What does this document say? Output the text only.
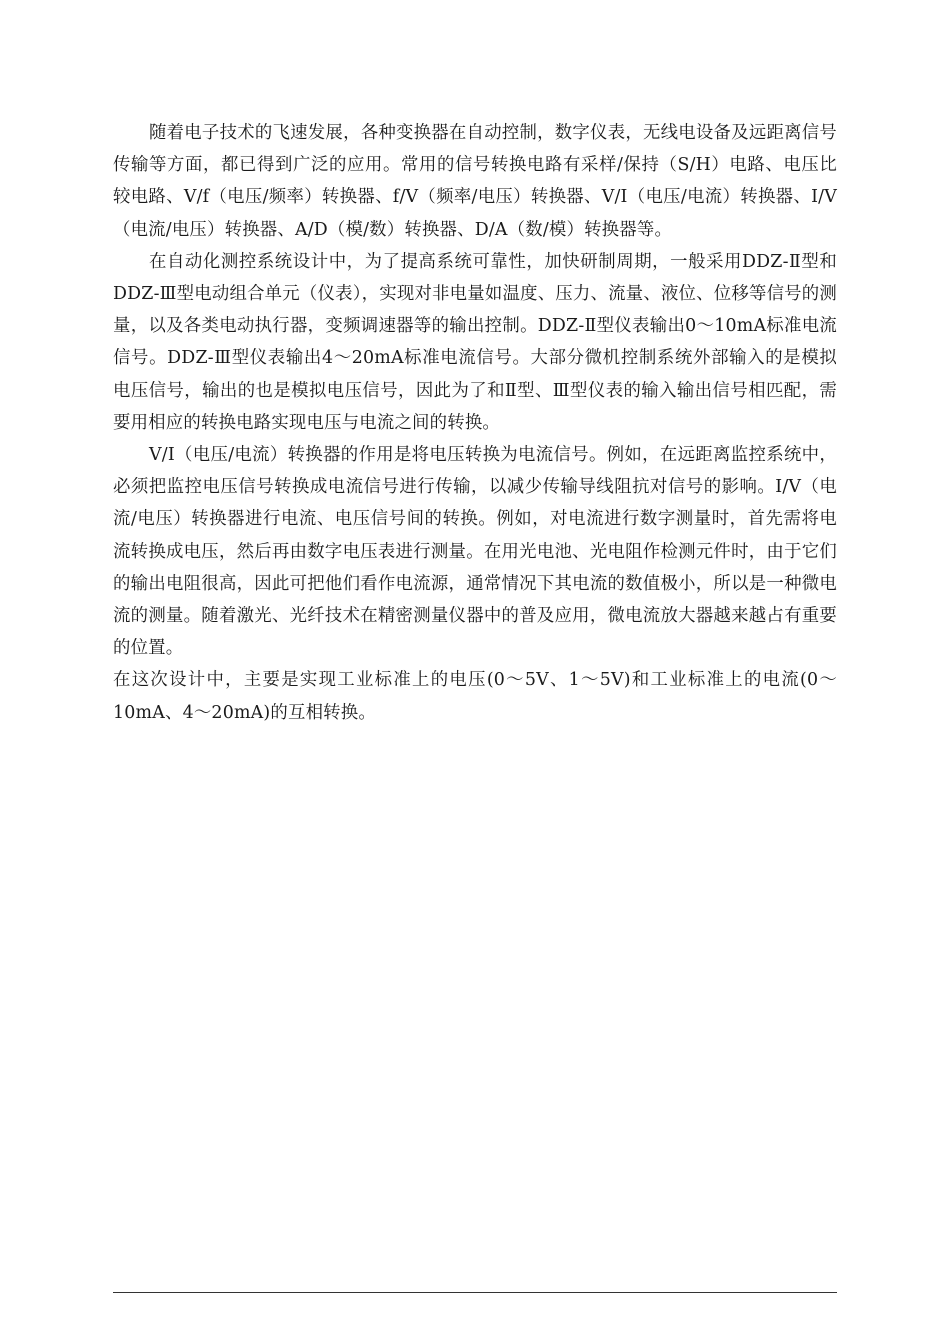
随着电子技术的飞速发展，各种变换器在自动控制，数字仪表，无线电设备及远距离信号传输等方面，都已得到广泛的应用。常用的信号转换电路有采样/保持（S/H）电路、电压比较电路、V/f（电压/频率）转换器、f/V（频率/电压）转换器、V/I（电压/电流）转换器、I/V（电流/电压）转换器、A/D（模/数）转换器、D/A（数/模）转换器等。

在自动化测控系统设计中，为了提高系统可靠性，加快研制周期，一般采用DDZ-Ⅱ型和DDZ-Ⅲ型电动组合单元（仪表），实现对非电量如温度、压力、流量、液位、位移等信号的测量，以及各类电动执行器，变频调速器等的输出控制。DDZ-Ⅱ型仪表输出0～10mA标准电流信号。DDZ-Ⅲ型仪表输出4～20mA标准电流信号。大部分微机控制系统外部输入的是模拟电压信号，输出的也是模拟电压信号，因此为了和Ⅱ型、Ⅲ型仪表的输入输出信号相匹配，需要用相应的转换电路实现电压与电流之间的转换。

V/I（电压/电流）转换器的作用是将电压转换为电流信号。例如，在远距离监控系统中，必须把监控电压信号转换成电流信号进行传输，以减少传输导线阻抗对信号的影响。I/V（电流/电压）转换器进行电流、电压信号间的转换。例如，对电流进行数字测量时，首先需将电流转换成电压，然后再由数字电压表进行测量。在用光电池、光电阻作检测元件时，由于它们的输出电阻很高，因此可把他们看作电流源，通常情况下其电流的数值极小，所以是一种微电流的测量。随着激光、光纤技术在精密测量仪器中的普及应用，微电流放大器越来越占有重要的位置。

在这次设计中，主要是实现工业标准上的电压(0～5V、1～5V)和工业标准上的电流(0～10mA、4～20mA)的互相转换。
